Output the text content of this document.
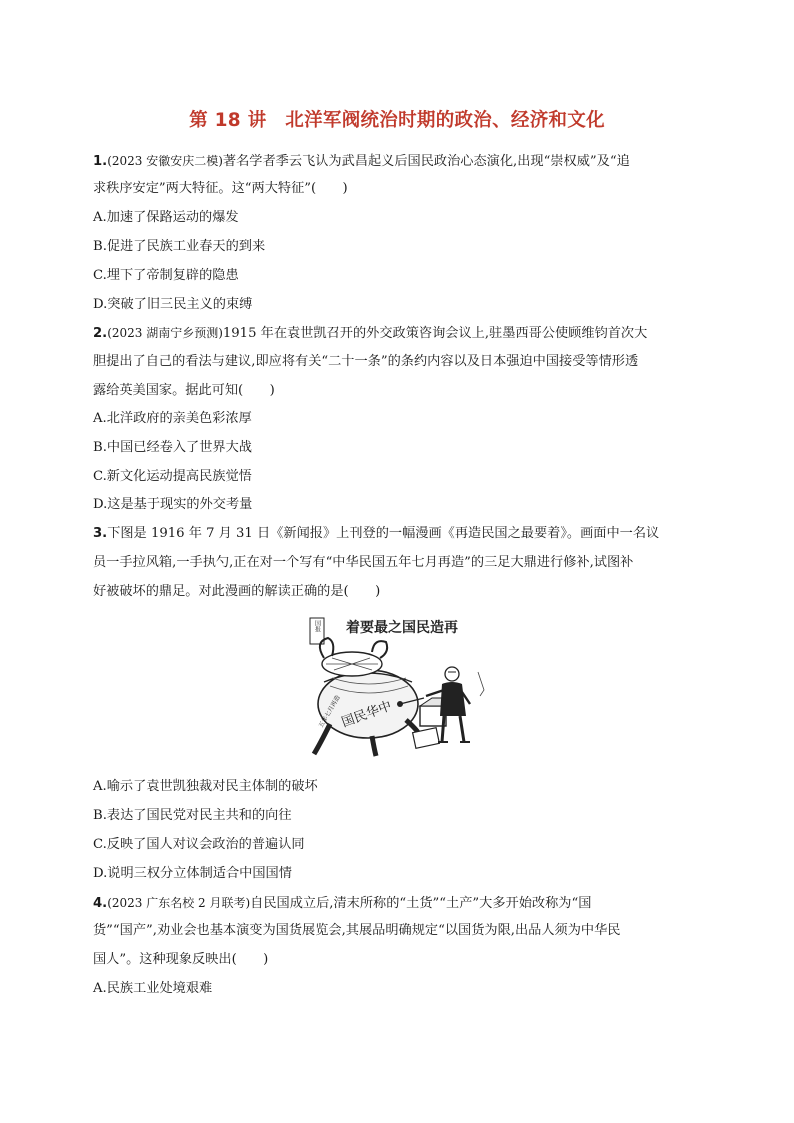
第 18 讲　北洋军阀统治时期的政治、经济和文化
1.(2023 安徽安庆二模)著名学者季云飞认为武昌起义后国民政治心态演化,出现“崇权威”及“追
求秩序安定”两大特征。这“两大特征”(　　)
A.加速了保路运动的爆发
B.促进了民族工业春天的到来
C.埋下了帝制复辟的隐患
D.突破了旧三民主义的束缚
2.(2023 湖南宁乡预测)1915 年在袁世凯召开的外交政策咨询会议上,驻墨西哥公使顾维钧首次大
胆提出了自己的看法与建议,即应将有关“二十一条”的条约内容以及日本强迫中国接受等情形透
露给英美国家。据此可知(　　)
A.北洋政府的亲美色彩浓厚
B.中国已经卷入了世界大战
C.新文化运动提高民族觉悟
D.这是基于现实的外交考量
3.下图是 1916 年 7 月 31 日《新闻报》上刊登的一幅漫画《再造民国之最要着》。画面中一名议
员一手拉风箱,一手执勺,正在对一个写有“中华民国五年七月再造”的三足大鼎进行修补,试图补
好被破坏的鼎足。对此漫画的解读正确的是(　　)
国报 着要最之国民造再
国民华中
五年七月再造
A.喻示了袁世凯独裁对民主体制的破坏
B.表达了国民党对民主共和的向往
C.反映了国人对议会政治的普遍认同
D.说明三权分立体制适合中国国情
4.(2023 广东名校 2 月联考)自民国成立后,清末所称的“土货”“土产”大多开始改称为“国
货”“国产”,劝业会也基本演变为国货展览会,其展品明确规定“以国货为限,出品人须为中华民
国人”。这种现象反映出(　　)
A.民族工业处境艰难
